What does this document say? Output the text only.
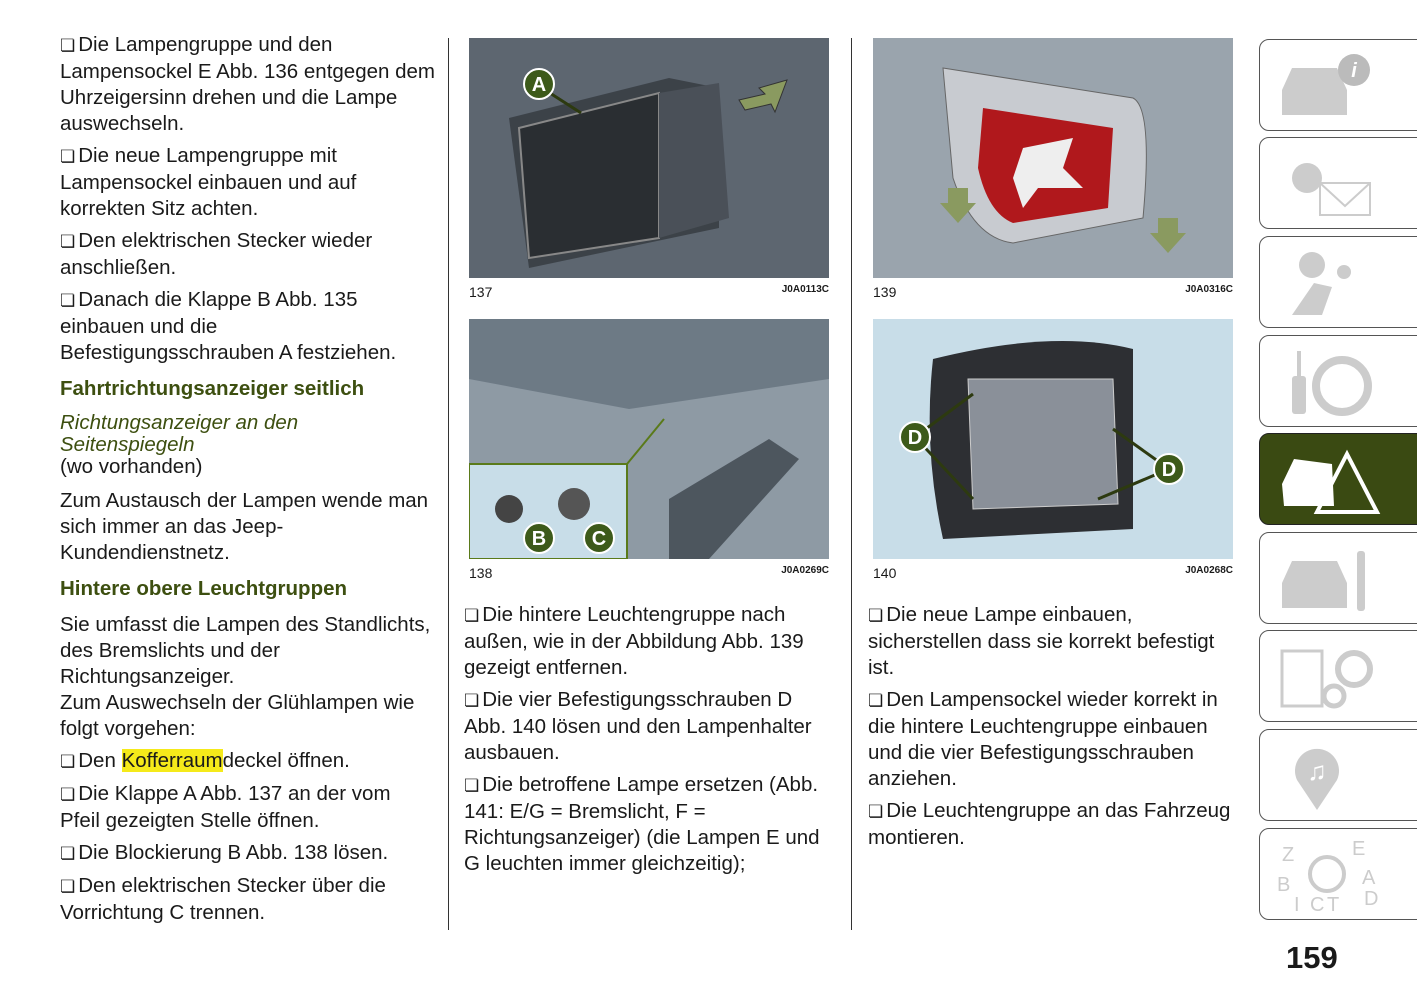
❏ Die Lampengruppe und den Lampensockel E Abb. 136 entgegen dem Uhrzeigersinn drehen und die Lampe auswechseln.

❏ Die neue Lampengruppe mit Lampensockel einbauen und auf korrekten Sitz achten.

❏ Den elektrischen Stecker wieder anschließen.

❏ Danach die Klappe B Abb. 135 einbauen und die Befestigungsschrauben A festziehen.

Fahrtrichtungsanzeiger seitlich

Richtungsanzeiger an den Seitenspiegeln

(wo vorhanden)

Zum Austausch der Lampen wende man sich immer an das Jeep-Kundendienstnetz.

Hintere obere Leuchtgruppen

Sie umfasst die Lampen des Standlichts, des Bremslichts und der Richtungsanzeiger.

Zum Auswechseln der Glühlampen wie folgt vorgehen:

❏ Den Kofferraumdeckel öffnen.

❏ Die Klappe A Abb. 137 an der vom Pfeil gezeigten Stelle öffnen.

❏ Die Blockierung B Abb. 138 lösen.

❏ Den elektrischen Stecker über die Vorrichtung C trennen.

A
137	J0A0113C	139	J0A0316C
B C
138	J0A0269C
D
D
140	J0A0268C

❏ Die hintere Leuchtengruppe nach außen, wie in der Abbildung Abb. 139 gezeigt entfernen.

❏ Die vier Befestigungsschrauben D Abb. 140 lösen und den Lampenhalter ausbauen.

❏ Die betroffene Lampe ersetzen (Abb. 141: E/G = Bremslicht, F = Richtungsanzeiger) (die Lampen E und G leuchten immer gleichzeitig);

❏ Die neue Lampe einbauen, sicherstellen dass sie korrekt befestigt ist.

❏ Den Lampensockel wieder korrekt in die hintere Leuchtengruppe einbauen und die vier Befestigungsschrauben anziehen.

❏ Die Leuchtengruppe an das Fahrzeug montieren.

i
♫
Z	E
A
B
D
I C T
159
